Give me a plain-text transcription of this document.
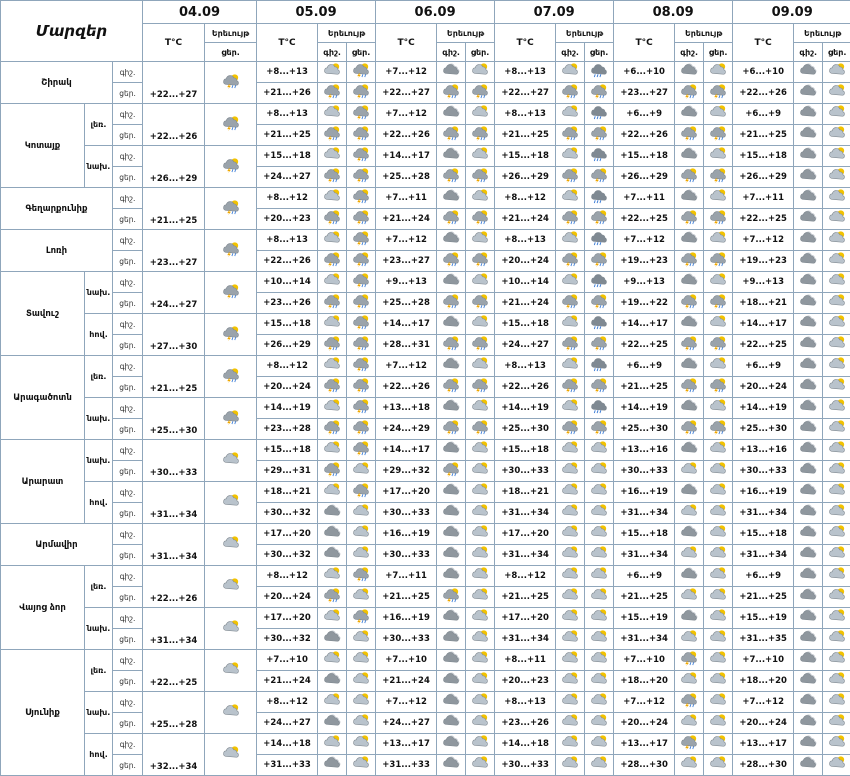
Մարզեր			04.09		05.09			06.09			07.09			08.09			09.09		
			T°C	Երեւույթ	T°C	Երեւույթ		T°C	Երեւույթ		T°C	Երեւույթ		T°C	Երեւույթ		T°C	Երեւույթ	
				ցեր.		գիշ.	ցեր.		գիշ.	ցեր.		գիշ.	ցեր.		գիշ.	ցեր.		գիշ.	ցեր.
Շիրակ		գիշ.	+22...+27		+8...+13			+7...+12			+8...+13			+6...+10			+6...+10		
		ցեր.			+21...+26			+22...+27			+22...+27			+23...+27			+22...+26		
Կոտայք	լեռ.	գիշ.	+22...+26		+8...+13			+7...+12			+8...+13			+6...+9			+6...+9		
		ցեր.			+21...+25			+22...+26			+21...+25			+22...+26			+21...+25		
	նախ.	գիշ.	+26...+29		+15...+18			+14...+17			+15...+18			+15...+18			+15...+18		
		ցեր.			+24...+27			+25...+28			+26...+29			+26...+29			+26...+29		
Գեղարքունիք		գիշ.	+21...+25		+8...+12			+7...+11			+8...+12			+7...+11			+7...+11		
		ցեր.			+20...+23			+21...+24			+21...+24			+22...+25			+22...+25		
Լոռի		գիշ.	+23...+27		+8...+13			+7...+12			+8...+13			+7...+12			+7...+12		
		ցեր.			+22...+26			+23...+27			+20...+24			+19...+23			+19...+23		
Տավուշ	նախ.	գիշ.	+24...+27		+10...+14			+9...+13			+10...+14			+9...+13			+9...+13		
		ցեր.			+23...+26			+25...+28			+21...+24			+19...+22			+18...+21		
	հով.	գիշ.	+27...+30		+15...+18			+14...+17			+15...+18			+14...+17			+14...+17		
		ցեր.			+26...+29			+28...+31			+24...+27			+22...+25			+22...+25		
Արագածոտն	լեռ.	գիշ.	+21...+25		+8...+12			+7...+12			+8...+13			+6...+9			+6...+9		
		ցեր.			+20...+24			+22...+26			+22...+26			+21...+25			+20...+24		
	նախ.	գիշ.	+25...+30		+14...+19			+13...+18			+14...+19			+14...+19			+14...+19		
		ցեր.			+23...+28			+24...+29			+25...+30			+25...+30			+25...+30		
Արարատ	նախ.	գիշ.	+30...+33		+15...+18			+14...+17			+15...+18			+13...+16			+13...+16		
		ցեր.			+29...+31			+29...+32			+30...+33			+30...+33			+30...+33		
	հով.	գիշ.	+31...+34		+18...+21			+17...+20			+18...+21			+16...+19			+16...+19		
		ցեր.			+30...+32			+30...+33			+31...+34			+31...+34			+31...+34		
Արմավիր		գիշ.	+31...+34		+17...+20			+16...+19			+17...+20			+15...+18			+15...+18		
		ցեր.			+30...+32			+30...+33			+31...+34			+31...+34			+31...+34		
Վայոց ձոր	լեռ.	գիշ.	+22...+26		+8...+12			+7...+11			+8...+12			+6...+9			+6...+9		
		ցեր.			+20...+24			+21...+25			+21...+25			+21...+25			+21...+25		
	նախ.	գիշ.	+31...+34		+17...+20			+16...+19			+17...+20			+15...+19			+15...+19		
		ցեր.			+30...+32			+30...+33			+31...+34			+31...+34			+31...+35		
Սյունիք	լեռ.	գիշ.	+22...+25		+7...+10			+7...+10			+8...+11			+7...+10			+7...+10		
		ցեր.			+21...+24			+21...+24			+20...+23			+18...+20			+18...+20		
	նախ.	գիշ.	+25...+28		+8...+12			+7...+12			+8...+13			+7...+12			+7...+12		
		ցեր.			+24...+27			+24...+27			+23...+26			+20...+24			+20...+24		
	հով.	գիշ.	+32...+34		+14...+18			+13...+17			+14...+18			+13...+17			+13...+17		
		ցեր.			+31...+33			+31...+33			+30...+33			+28...+30			+28...+30		
